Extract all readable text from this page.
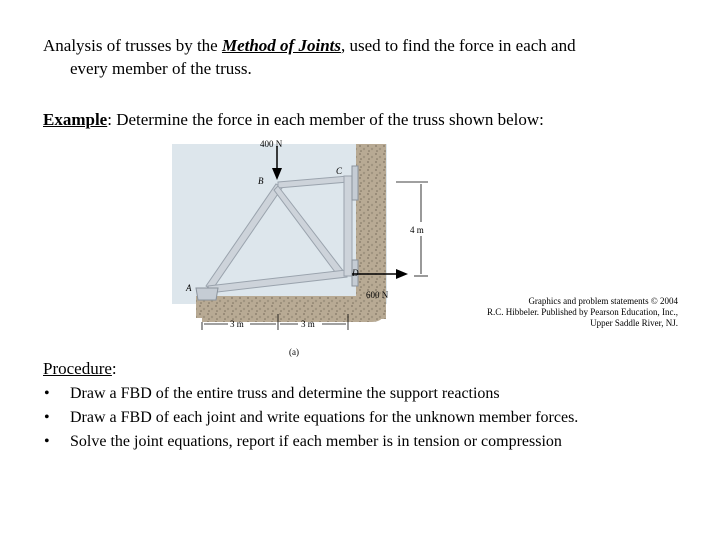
Analysis of trusses by the Method of Joints, used to find the force in each and
every member of the truss.
Example: Determine the force in each member of the truss shown below:
400 N
600 N
4 m
3 m	3 m
(a)
A
B
C
D
Graphics and problem statements © 2004
R.C. Hibbeler. Published by Pearson Education, Inc.,
Upper Saddle River, NJ.
Procedure:
• Draw a FBD of the entire truss and determine the support reactions
• Draw a FBD of each joint and write equations for the unknown member forces.
• Solve the joint equations, report if each member is in tension or compression
